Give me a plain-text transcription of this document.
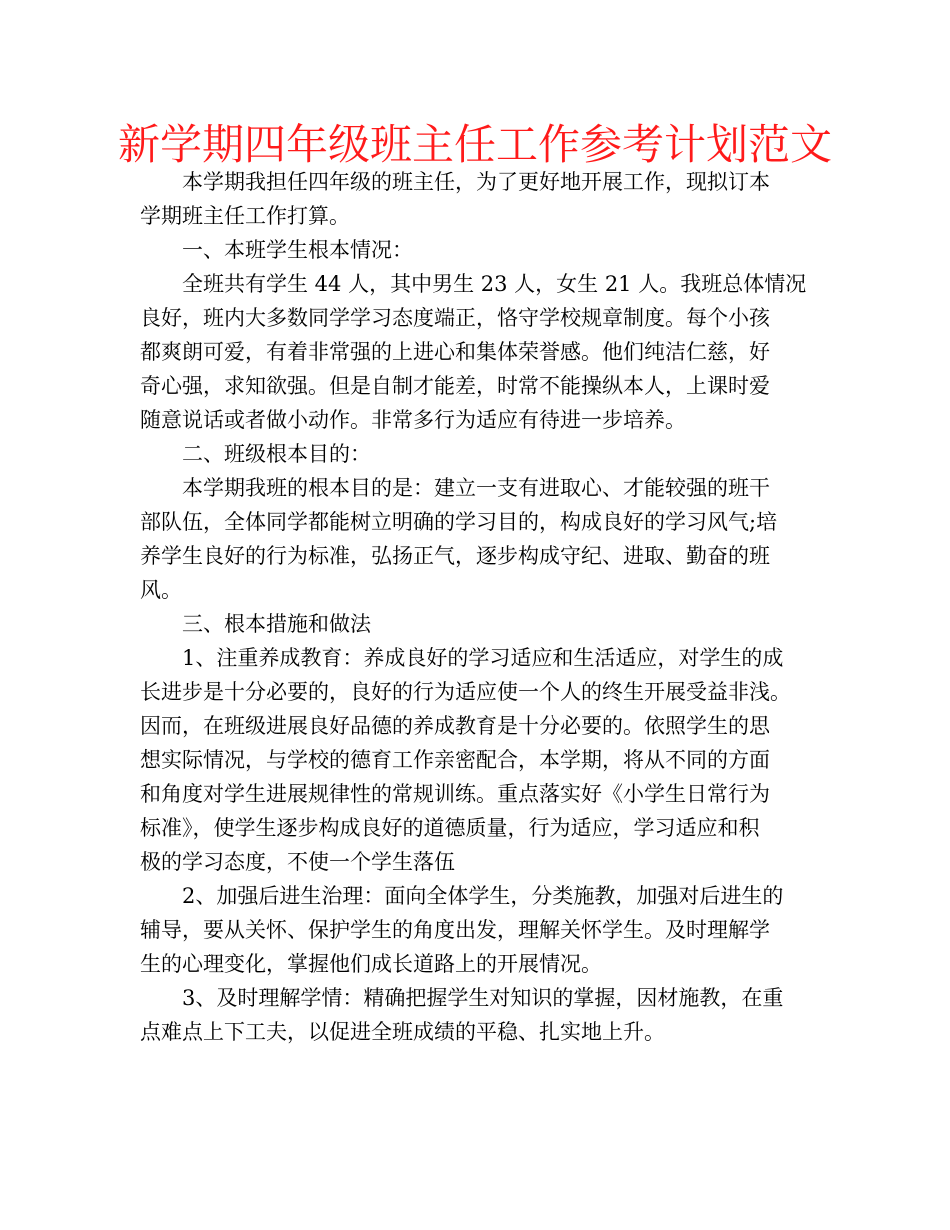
新学期四年级班主任工作参考计划范文
本学期我担任四年级的班主任，为了更好地开展工作，现拟订本
学期班主任工作打算。
一、本班学生根本情况：
全班共有学生 44 人，其中男生 23 人，女生 21 人。我班总体情况
良好，班内大多数同学学习态度端正，恪守学校规章制度。每个小孩
都爽朗可爱，有着非常强的上进心和集体荣誉感。他们纯洁仁慈，好
奇心强，求知欲强。但是自制才能差，时常不能操纵本人，上课时爱
随意说话或者做小动作。非常多行为适应有待进一步培养。
二、班级根本目的：
本学期我班的根本目的是：建立一支有进取心、才能较强的班干
部队伍，全体同学都能树立明确的学习目的，构成良好的学习风气;培
养学生良好的行为标准，弘扬正气，逐步构成守纪、进取、勤奋的班
风。
三、根本措施和做法
1、注重养成教育：养成良好的学习适应和生活适应，对学生的成
长进步是十分必要的，良好的行为适应使一个人的终生开展受益非浅。
因而，在班级进展良好品德的养成教育是十分必要的。依照学生的思
想实际情况，与学校的德育工作亲密配合，本学期，将从不同的方面
和角度对学生进展规律性的常规训练。重点落实好《小学生日常行为
标准》，使学生逐步构成良好的道德质量，行为适应，学习适应和积
极的学习态度，不使一个学生落伍
2、加强后进生治理：面向全体学生，分类施教，加强对后进生的
辅导，要从关怀、保护学生的角度出发，理解关怀学生。及时理解学
生的心理变化，掌握他们成长道路上的开展情况。
3、及时理解学情：精确把握学生对知识的掌握，因材施教，在重
点难点上下工夫，以促进全班成绩的平稳、扎实地上升。
